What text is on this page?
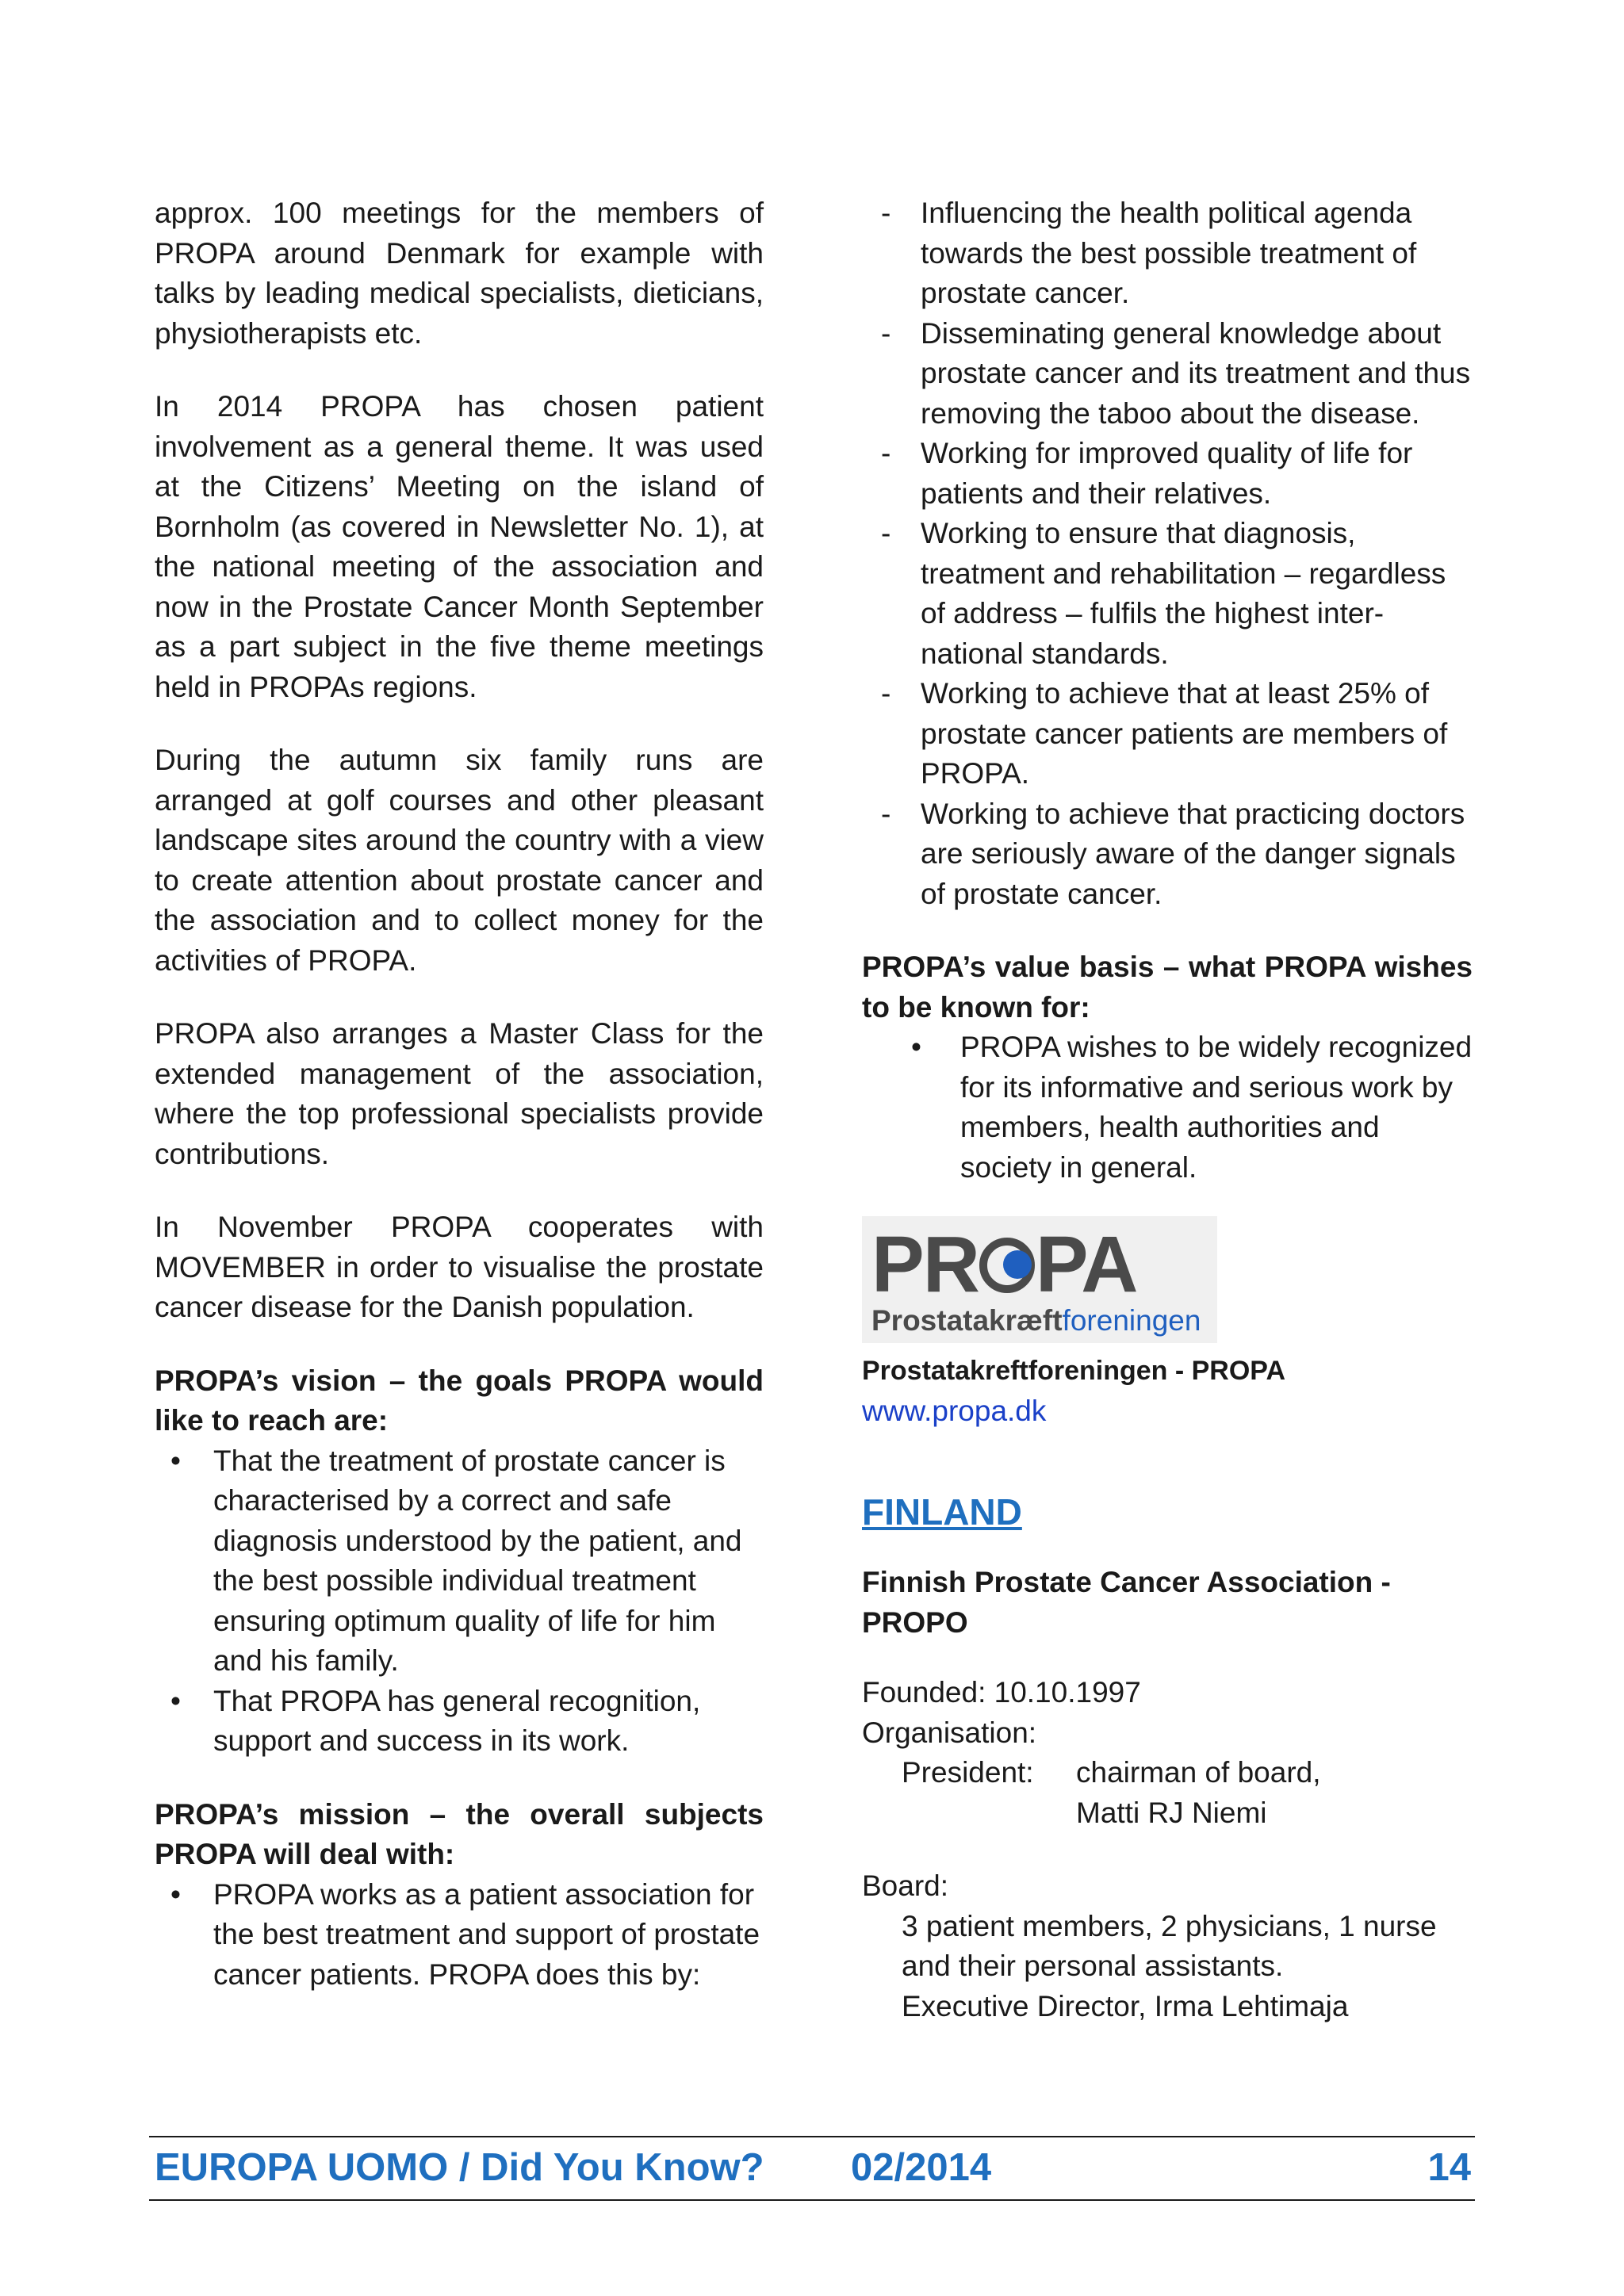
approx. 100 meetings for the members of PROPA around Denmark for example with talks by leading medical specialists, dieticians, physiotherapists etc.

In 2014 PROPA has chosen patient involvement as a general theme. It was used at the Citizens’ Meeting on the island of Bornholm (as covered in Newsletter No. 1), at the national meeting of the association and now in the Prostate Cancer Month September as a part subject in the five theme meetings held in PROPAs regions.

During the autumn six family runs are arranged at golf courses and other pleasant landscape sites around the country with a view to create attention about prostate cancer and the association and to collect money for the activities of PROPA.

PROPA also arranges a Master Class for the extended management of the association, where the top professional specialists provide contributions.

In November PROPA cooperates with MOVEMBER in order to visualise the prostate cancer disease for the Danish population.

PROPA’s vision – the goals PROPA would like to reach are:

• That the treatment of prostate cancer is characterised by a correct and safe diagnosis understood by the patient, and the best possible individual treatment ensuring optimum quality of life for him and his family.
• That PROPA has general recognition, support and success in its work.

PROPA’s mission – the overall subjects PROPA will deal with:

• PROPA works as a patient association for the best treatment and support of prostate cancer patients. PROPA does this by:
- Influencing the health political agenda towards the best possible treatment of prostate cancer.
- Disseminating general knowledge about prostate cancer and its treatment and thus removing the taboo about the disease.
- Working for improved quality of life for patients and their relatives.
- Working to ensure that diagnosis, treatment and rehabilitation – regardless of address – fulfils the highest inter-national standards.
- Working to achieve that at least 25% of prostate cancer patients are members of PROPA.
- Working to achieve that practicing doctors are seriously aware of the danger signals of prostate cancer.

PROPA’s value basis – what PROPA wishes to be known for:

• PROPA wishes to be widely recognized for its informative and serious work by members, health authorities and society in general.
PR PA
Prostatakræftforeningen

Prostatakreftforeningen - PROPA

www.propa.dk

FINLAND

Finnish Prostate Cancer Association - PROPO

Founded: 10.10.1997

Organisation:

President:	chairman of board,
Matti RJ Niemi

Board:

3 patient members, 2 physicians, 1 nurse and their personal assistants.

Executive Director, Irma Lehtimaja

EUROPA UOMO / Did You Know? 02/2014	14
